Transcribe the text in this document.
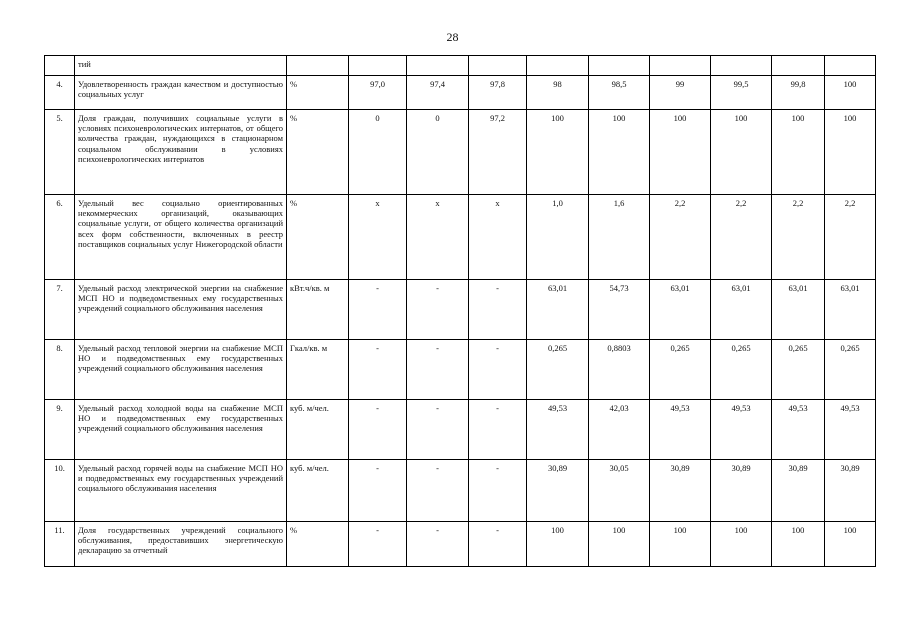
28
	тий										
4.	Удовлетворенность граждан качеством и доступностью социальных услуг	%	97,0	97,4	97,8	98	98,5	99	99,5	99,8	100
5.	Доля граждан, получивших социальные услуги в условиях психоневрологических интернатов, от общего количества граждан, нуждающихся в стационарном социальном обслуживании в условиях психоневрологических интернатов	%	0	0	97,2	100	100	100	100	100	100
6.	Удельный вес социально ориентированных некоммерческих организаций, оказывающих социальные услуги, от общего количества организаций всех форм собственности, включенных в реестр поставщиков социальных услуг Нижегородской области	%	х	х	х	1,0	1,6	2,2	2,2	2,2	2,2
7.	Удельный расход электрической энергии на снабжение МСП НО и подведомственных ему государственных учреждений социального обслуживания населения	кВт.ч/кв. м	-	-	-	63,01	54,73	63,01	63,01	63,01	63,01
8.	Удельный расход тепловой энергии на снабжение МСП НО и подведомственных ему государственных учреждений социального обслуживания населения	Гкал/кв. м	-	-	-	0,265	0,8803	0,265	0,265	0,265	0,265
9.	Удельный расход холодной воды на снабжение МСП НО и подведомственных ему государственных учреждений социального обслуживания населения	куб. м/чел.	-	-	-	49,53	42,03	49,53	49,53	49,53	49,53
10.	Удельный расход горячей воды на снабжение МСП НО и подведомственных ему государственных учреждений социального обслуживания населения	куб. м/чел.	-	-	-	30,89	30,05	30,89	30,89	30,89	30,89
11.	Доля государственных учреждений социального обслуживания, предоставивших энергетическую декларацию за отчетный	%	-	-	-	100	100	100	100	100	100
